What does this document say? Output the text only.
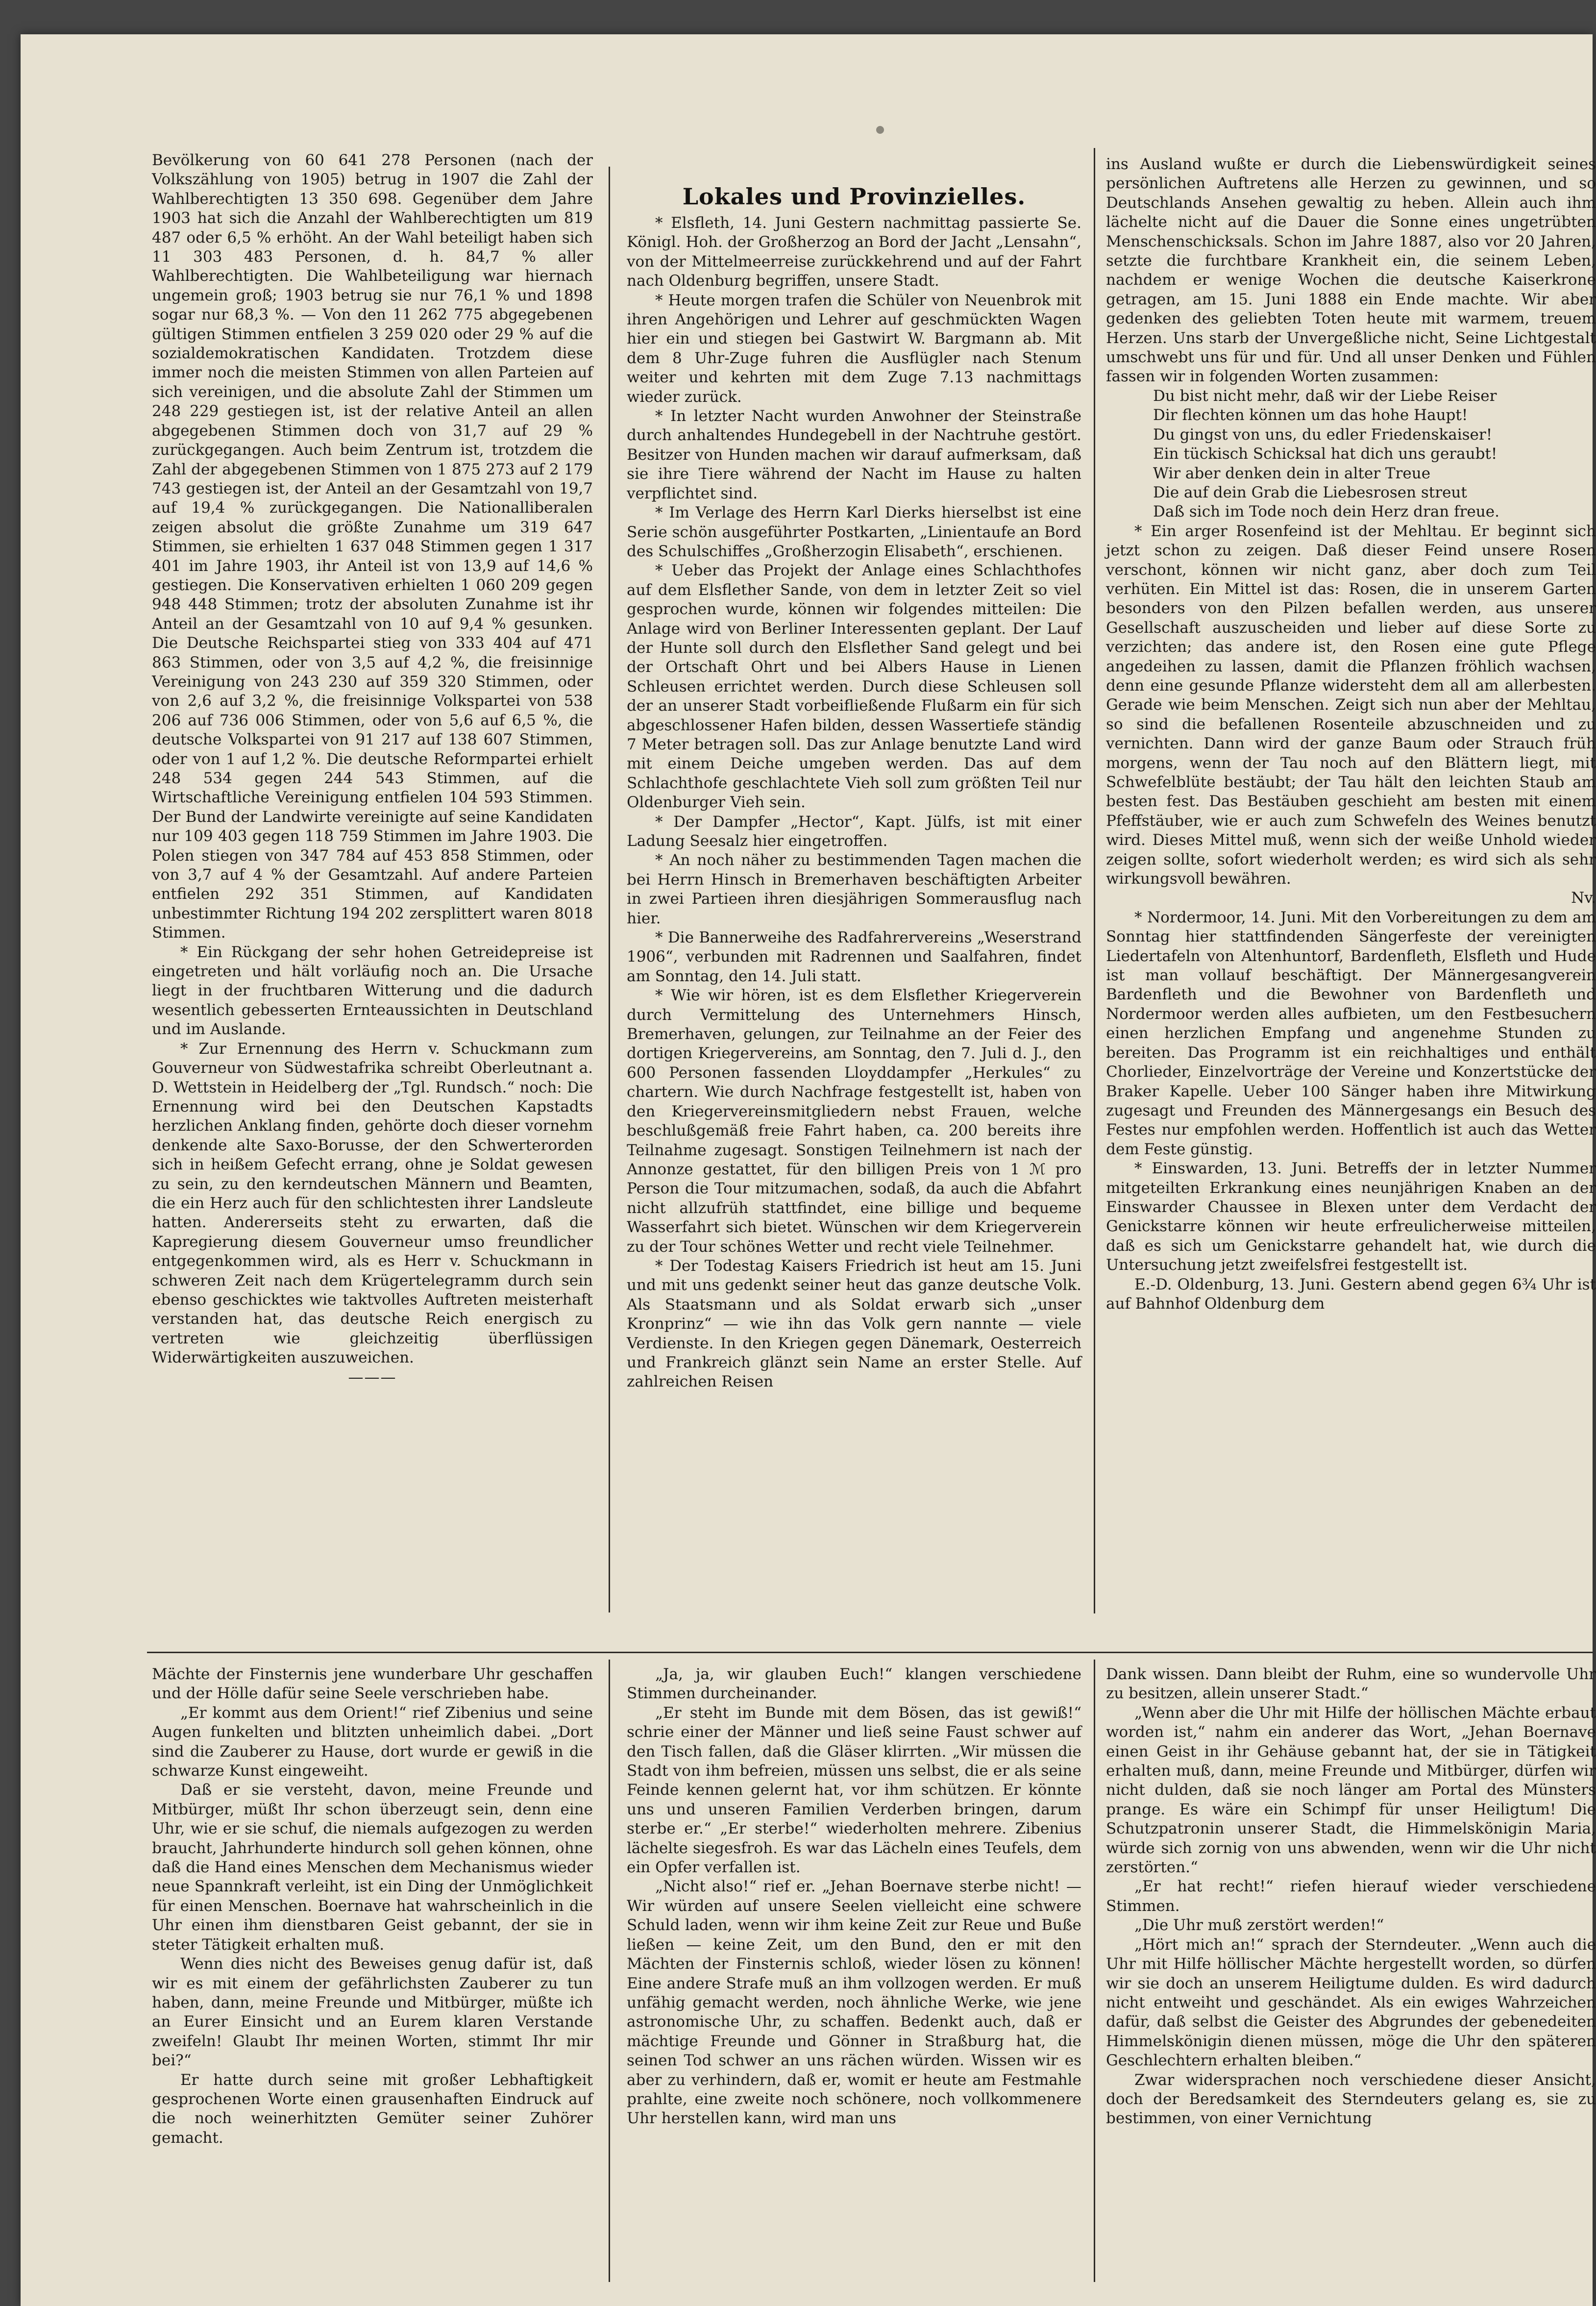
Lokales und Provinzielles.

Bevölkerung von 60 641 278 Personen (nach der Volkszählung von 1905) betrug in 1907 die Zahl der Wahlberechtigten 13 350 698. Gegenüber dem Jahre 1903 hat sich die Anzahl der Wahlberechtigten um 819 487 oder 6,5 % erhöht. An der Wahl beteiligt haben sich 11 303 483 Personen, d. h. 84,7 % aller Wahlberechtigten. Die Wahlbeteiligung war hiernach ungemein groß; 1903 betrug sie nur 76,1 % und 1898 sogar nur 68,3 %. — Von den 11 262 775 abgegebenen gültigen Stimmen entfielen 3 259 020 oder 29 % auf die sozialdemokratischen Kandidaten. Trotzdem diese immer noch die meisten Stimmen von allen Parteien auf sich vereinigen, und die absolute Zahl der Stimmen um 248 229 gestiegen ist, ist der relative Anteil an allen abgegebenen Stimmen doch von 31,7 auf 29 % zurückgegangen. Auch beim Zentrum ist, trotzdem die Zahl der abgegebenen Stimmen von 1 875 273 auf 2 179 743 gestiegen ist, der Anteil an der Gesamtzahl von 19,7 auf 19,4 % zurückgegangen. Die Nationalliberalen zeigen absolut die größte Zunahme um 319 647 Stimmen, sie erhielten 1 637 048 Stimmen gegen 1 317 401 im Jahre 1903, ihr Anteil ist von 13,9 auf 14,6 % gestiegen. Die Konservativen erhielten 1 060 209 gegen 948 448 Stimmen; trotz der absoluten Zunahme ist ihr Anteil an der Gesamtzahl von 10 auf 9,4 % gesunken. Die Deutsche Reichspartei stieg von 333 404 auf 471 863 Stimmen, oder von 3,5 auf 4,2 %, die freisinnige Vereinigung von 243 230 auf 359 320 Stimmen, oder von 2,6 auf 3,2 %, die freisinnige Volkspartei von 538 206 auf 736 006 Stimmen, oder von 5,6 auf 6,5 %, die deutsche Volkspartei von 91 217 auf 138 607 Stimmen, oder von 1 auf 1,2 %. Die deutsche Reformpartei erhielt 248 534 gegen 244 543 Stimmen, auf die Wirtschaftliche Vereinigung entfielen 104 593 Stimmen. Der Bund der Landwirte vereinigte auf seine Kandidaten nur 109 403 gegen 118 759 Stimmen im Jahre 1903. Die Polen stiegen von 347 784 auf 453 858 Stimmen, oder von 3,7 auf 4 % der Gesamtzahl. Auf andere Parteien entfielen 292 351 Stimmen, auf Kandidaten unbestimmter Richtung 194 202 zersplittert waren 8018 Stimmen.

* Ein Rückgang der sehr hohen Getreidepreise ist eingetreten und hält vorläufig noch an. Die Ursache liegt in der fruchtbaren Witterung und die dadurch wesentlich gebesserten Ernteaussichten in Deutschland und im Auslande.

* Zur Ernennung des Herrn v. Schuckmann zum Gouverneur von Südwestafrika schreibt Oberleutnant a. D. Wettstein in Heidelberg der „Tgl. Rundsch.“ noch: Die Ernennung wird bei den Deutschen Kapstadts herzlichen Anklang finden, gehörte doch dieser vornehm denkende alte Saxo-Borusse, der den Schwerterorden sich in heißem Gefecht errang, ohne je Soldat gewesen zu sein, zu den kerndeutschen Männern und Beamten, die ein Herz auch für den schlichtesten ihrer Landsleute hatten. Andererseits steht zu erwarten, daß die Kapregierung diesem Gouverneur umso freundlicher entgegenkommen wird, als es Herr v. Schuckmann in schweren Zeit nach dem Krügertelegramm durch sein ebenso geschicktes wie taktvolles Auftreten meisterhaft verstanden hat, das deutsche Reich energisch zu vertreten wie gleichzeitig überflüssigen Widerwärtigkeiten auszuweichen.

———

* Elsfleth, 14. Juni Gestern nachmittag passierte Se. Königl. Hoh. der Großherzog an Bord der Jacht „Lensahn“, von der Mittelmeerreise zurückkehrend und auf der Fahrt nach Oldenburg begriffen, unsere Stadt.

* Heute morgen trafen die Schüler von Neuenbrok mit ihren Angehörigen und Lehrer auf geschmückten Wagen hier ein und stiegen bei Gastwirt W. Bargmann ab. Mit dem 8 Uhr-Zuge fuhren die Ausflügler nach Stenum weiter und kehrten mit dem Zuge 7.13 nachmittags wieder zurück.

* In letzter Nacht wurden Anwohner der Steinstraße durch anhaltendes Hundegebell in der Nachtruhe gestört. Besitzer von Hunden machen wir darauf aufmerksam, daß sie ihre Tiere während der Nacht im Hause zu halten verpflichtet sind.

* Im Verlage des Herrn Karl Dierks hierselbst ist eine Serie schön ausgeführter Postkarten, „Linientaufe an Bord des Schulschiffes „Großherzogin Elisabeth“, erschienen.

* Ueber das Projekt der Anlage eines Schlachthofes auf dem Elsflether Sande, von dem in letzter Zeit so viel gesprochen wurde, können wir folgendes mitteilen: Die Anlage wird von Berliner Interessenten geplant. Der Lauf der Hunte soll durch den Elsflether Sand gelegt und bei der Ortschaft Ohrt und bei Albers Hause in Lienen Schleusen errichtet werden. Durch diese Schleusen soll der an unserer Stadt vorbeifließende Flußarm ein für sich abgeschlossener Hafen bilden, dessen Wassertiefe ständig 7 Meter betragen soll. Das zur Anlage benutzte Land wird mit einem Deiche umgeben werden. Das auf dem Schlachthofe geschlachtete Vieh soll zum größten Teil nur Oldenburger Vieh sein.

* Der Dampfer „Hector“, Kapt. Jülfs, ist mit einer Ladung Seesalz hier eingetroffen.

* An noch näher zu bestimmenden Tagen machen die bei Herrn Hinsch in Bremerhaven beschäftigten Arbeiter in zwei Partieen ihren diesjährigen Sommerausflug nach hier.

* Die Bannerweihe des Radfahrervereins „Weserstrand 1906“, verbunden mit Radrennen und Saalfahren, findet am Sonntag, den 14. Juli statt.

* Wie wir hören, ist es dem Elsflether Kriegerverein durch Vermittelung des Unternehmers Hinsch, Bremerhaven, gelungen, zur Teilnahme an der Feier des dortigen Kriegervereins, am Sonntag, den 7. Juli d. J., den 600 Personen fassenden Lloyddampfer „Herkules“ zu chartern. Wie durch Nachfrage festgestellt ist, haben von den Kriegervereinsmitgliedern nebst Frauen, welche beschlußgemäß freie Fahrt haben, ca. 200 bereits ihre Teilnahme zugesagt. Sonstigen Teilnehmern ist nach der Annonze gestattet, für den billigen Preis von 1 ℳ pro Person die Tour mitzumachen, sodaß, da auch die Abfahrt nicht allzufrüh stattfindet, eine billige und bequeme Wasserfahrt sich bietet. Wünschen wir dem Kriegerverein zu der Tour schönes Wetter und recht viele Teilnehmer.

* Der Todestag Kaisers Friedrich ist heut am 15. Juni und mit uns gedenkt seiner heut das ganze deutsche Volk. Als Staatsmann und als Soldat erwarb sich „unser Kronprinz“ — wie ihn das Volk gern nannte — viele Verdienste. In den Kriegen gegen Dänemark, Oesterreich und Frankreich glänzt sein Name an erster Stelle. Auf zahlreichen Reisen

ins Ausland wußte er durch die Liebenswürdigkeit seines persönlichen Auftretens alle Herzen zu gewinnen, und so Deutschlands Ansehen gewaltig zu heben. Allein auch ihm lächelte nicht auf die Dauer die Sonne eines ungetrübten Menschenschicksals. Schon im Jahre 1887, also vor 20 Jahren, setzte die furchtbare Krankheit ein, die seinem Leben, nachdem er wenige Wochen die deutsche Kaiserkrone getragen, am 15. Juni 1888 ein Ende machte. Wir aber gedenken des geliebten Toten heute mit warmem, treuem Herzen. Uns starb der Unvergeßliche nicht, Seine Lichtgestalt umschwebt uns für und für. Und all unser Denken und Fühlen fassen wir in folgenden Worten zusammen:

Du bist nicht mehr, daß wir der Liebe Reiser

Dir flechten können um das hohe Haupt!

Du gingst von uns, du edler Friedenskaiser!

Ein tückisch Schicksal hat dich uns geraubt!

Wir aber denken dein in alter Treue

Die auf dein Grab die Liebesrosen streut

Daß sich im Tode noch dein Herz dran freue.

* Ein arger Rosenfeind ist der Mehltau. Er beginnt sich jetzt schon zu zeigen. Daß dieser Feind unsere Rosen verschont, können wir nicht ganz, aber doch zum Teil verhüten. Ein Mittel ist das: Rosen, die in unserem Garten besonders von den Pilzen befallen werden, aus unserer Gesellschaft auszuscheiden und lieber auf diese Sorte zu verzichten; das andere ist, den Rosen eine gute Pflege angedeihen zu lassen, damit die Pflanzen fröhlich wachsen, denn eine gesunde Pflanze widersteht dem all am allerbesten. Gerade wie beim Menschen. Zeigt sich nun aber der Mehltau, so sind die befallenen Rosenteile abzuschneiden und zu vernichten. Dann wird der ganze Baum oder Strauch früh morgens, wenn der Tau noch auf den Blättern liegt, mit Schwefelblüte bestäubt; der Tau hält den leichten Staub am besten fest. Das Bestäuben geschieht am besten mit einem Pfeffstäuber, wie er auch zum Schwefeln des Weines benutzt wird. Dieses Mittel muß, wenn sich der weiße Unhold wieder zeigen sollte, sofort wiederholt werden; es wird sich als sehr wirkungsvoll bewähren.

Nv.

* Nordermoor, 14. Juni. Mit den Vorbereitungen zu dem am Sonntag hier stattfindenden Sängerfeste der vereinigten Liedertafeln von Altenhuntorf, Bardenfleth, Elsfleth und Hude ist man vollauf beschäftigt. Der Männergesangverein Bardenfleth und die Bewohner von Bardenfleth und Nordermoor werden alles aufbieten, um den Festbesuchern einen herzlichen Empfang und angenehme Stunden zu bereiten. Das Programm ist ein reichhaltiges und enthält Chorlieder, Einzelvorträge der Vereine und Konzertstücke der Braker Kapelle. Ueber 100 Sänger haben ihre Mitwirkung zugesagt und Freunden des Männergesangs ein Besuch des Festes nur empfohlen werden. Hoffentlich ist auch das Wetter dem Feste günstig.

* Einswarden, 13. Juni. Betreffs der in letzter Nummer mitgeteilten Erkrankung eines neunjährigen Knaben an der Einswarder Chaussee in Blexen unter dem Verdacht der Genickstarre können wir heute erfreulicherweise mitteilen, daß es sich um Genickstarre gehandelt hat, wie durch die Untersuchung jetzt zweifelsfrei festgestellt ist.

E.-D. Oldenburg, 13. Juni. Gestern abend gegen 6¾ Uhr ist auf Bahnhof Oldenburg dem

Mächte der Finsternis jene wunderbare Uhr geschaffen und der Hölle dafür seine Seele verschrieben habe.

„Er kommt aus dem Orient!“ rief Zibenius und seine Augen funkelten und blitzten unheimlich dabei. „Dort sind die Zauberer zu Hause, dort wurde er gewiß in die schwarze Kunst eingeweiht.

Daß er sie versteht, davon, meine Freunde und Mitbürger, müßt Ihr schon überzeugt sein, denn eine Uhr, wie er sie schuf, die niemals aufgezogen zu werden braucht, Jahrhunderte hindurch soll gehen können, ohne daß die Hand eines Menschen dem Mechanismus wieder neue Spannkraft verleiht, ist ein Ding der Unmöglichkeit für einen Menschen. Boernave hat wahrscheinlich in die Uhr einen ihm dienstbaren Geist gebannt, der sie in steter Tätigkeit erhalten muß.

Wenn dies nicht des Beweises genug dafür ist, daß wir es mit einem der gefährlichsten Zauberer zu tun haben, dann, meine Freunde und Mitbürger, müßte ich an Eurer Einsicht und an Eurem klaren Verstande zweifeln! Glaubt Ihr meinen Worten, stimmt Ihr mir bei?“

Er hatte durch seine mit großer Lebhaftigkeit gesprochenen Worte einen grausenhaften Eindruck auf die noch weinerhitzten Gemüter seiner Zuhörer gemacht.

„Ja, ja, wir glauben Euch!“ klangen verschiedene Stimmen durcheinander.

„Er steht im Bunde mit dem Bösen, das ist gewiß!“ schrie einer der Männer und ließ seine Faust schwer auf den Tisch fallen, daß die Gläser klirrten. „Wir müssen die Stadt von ihm befreien, müssen uns selbst, die er als seine Feinde kennen gelernt hat, vor ihm schützen. Er könnte uns und unseren Familien Verderben bringen, darum sterbe er.“ „Er sterbe!“ wiederholten mehrere. Zibenius lächelte siegesfroh. Es war das Lächeln eines Teufels, dem ein Opfer verfallen ist.

„Nicht also!“ rief er. „Jehan Boernave sterbe nicht! — Wir würden auf unsere Seelen vielleicht eine schwere Schuld laden, wenn wir ihm keine Zeit zur Reue und Buße ließen — keine Zeit, um den Bund, den er mit den Mächten der Finsternis schloß, wieder lösen zu können! Eine andere Strafe muß an ihm vollzogen werden. Er muß unfähig gemacht werden, noch ähnliche Werke, wie jene astronomische Uhr, zu schaffen. Bedenkt auch, daß er mächtige Freunde und Gönner in Straßburg hat, die seinen Tod schwer an uns rächen würden. Wissen wir es aber zu verhindern, daß er, womit er heute am Festmahle prahlte, eine zweite noch schönere, noch vollkommenere Uhr herstellen kann, wird man uns

Dank wissen. Dann bleibt der Ruhm, eine so wundervolle Uhr zu besitzen, allein unserer Stadt.“

„Wenn aber die Uhr mit Hilfe der höllischen Mächte erbaut worden ist,“ nahm ein anderer das Wort, „Jehan Boernave einen Geist in ihr Gehäuse gebannt hat, der sie in Tätigkeit erhalten muß, dann, meine Freunde und Mitbürger, dürfen wir nicht dulden, daß sie noch länger am Portal des Münsters prange. Es wäre ein Schimpf für unser Heiligtum! Die Schutzpatronin unserer Stadt, die Himmelskönigin Maria, würde sich zornig von uns abwenden, wenn wir die Uhr nicht zerstörten.“

„Er hat recht!“ riefen hierauf wieder verschiedene Stimmen.

„Die Uhr muß zerstört werden!“

„Hört mich an!“ sprach der Sterndeuter. „Wenn auch die Uhr mit Hilfe höllischer Mächte hergestellt worden, so dürfen wir sie doch an unserem Heiligtume dulden. Es wird dadurch nicht entweiht und geschändet. Als ein ewiges Wahrzeichen dafür, daß selbst die Geister des Abgrundes der gebenedeiten Himmelskönigin dienen müssen, möge die Uhr den späteren Geschlechtern erhalten bleiben.“

Zwar widersprachen noch verschiedene dieser Ansicht, doch der Beredsamkeit des Sterndeuters gelang es, sie zu bestimmen, von einer Vernichtung
